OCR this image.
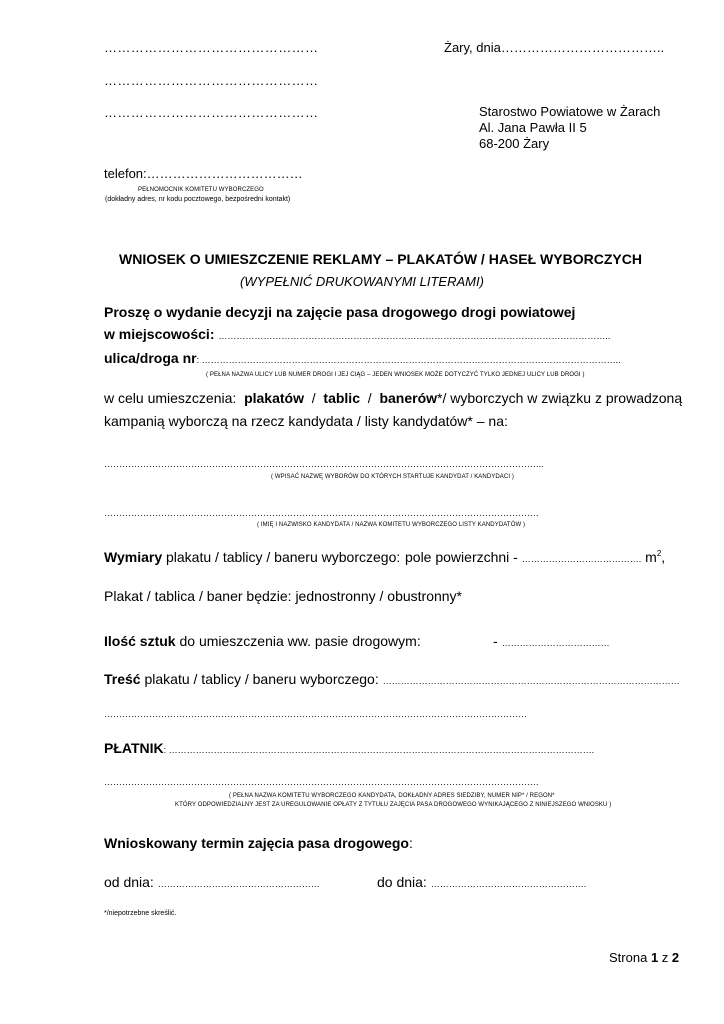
…………………………………………	Żary, dnia………………………………..
…………………………………………
…………………………………………	Starostwo Powiatowe w Żarach
Al. Jana Pawła II 5
68-200 Żary
telefon:………………………………
PEŁNOMOCNIK KOMITETU WYBORCZEGO
(dokładny adres, nr kodu pocztowego, bezpośredni kontakt)
WNIOSEK O UMIESZCZENIE REKLAMY – PLAKATÓW / HASEŁ WYBORCZYCH
(WYPEŁNIĆ DRUKOWANYMI LITERAMI)
Proszę o wydanie decyzji na zajęcie pasa drogowego drogi powiatowej
w miejscowości: …………………………………………………………………………………………………………………..
ulica/droga nr: …………………………………………………………………………………………………………………………..
( PEŁNA NAZWA ULICY LUB NUMER DROGI I JEJ CIĄG – JEDEN WNIOSEK MOŻE DOTYCZYĆ TYLKO JEDNEJ ULICY LUB DROGI )
w celu umieszczenia: plakatów / tablic / banerów*/ wyborczych w związku z prowadzoną
kampanią wyborczą na rzecz kandydata / listy kandydatów* – na:
………………………………………………………………………………………………………………………………...
( WPISAĆ NAZWĘ WYBORÓW DO KTÓRYCH STARTUJE KANDYDAT / KANDYDACI )
……………………………………………………………………………………………………………………………….
( IMIĘ I NAZWISKO KANDYDATA / NAZWA KOMITETU WYBORCZEGO LISTY KANDYDATÓW )
Wymiary plakatu / tablicy / baneru wyborczego: pole powierzchni - …………………………………. $m^2$,
Plakat / tablica / baner będzie: jednostronny / obustronny*
Ilość sztuk do umieszczenia ww. pasie drogowym:	- ………………………………
Treść plakatu / tablicy / baneru wyborczego: ………………………………………………………………………………………
……………………………………………………………………………………………………………………………
PŁATNIK: …………………………………………………………………………………………………………………………….
……………………………………………………………………………………………………………………………….
( PEŁNA NAZWA KOMITETU WYBORCZEGO KANDYDATA, DOKŁADNY ADRES SIEDZIBY, NUMER NIP* / REGON*
KTÓRY ODPOWIEDZIALNY JEST ZA UREGULOWANIE OPŁATY Z TYTUŁU ZAJĘCIA PASA DROGOWEGO WYNIKAJĄCEGO Z NINIEJSZEGO WNIOSKU )
Wnioskowany termin zajęcia pasa drogowego:
od dnia: ………………………………………………	do dnia: …………………………………………….
*/niepotrzebne skreślić.
Strona 1 z 2
